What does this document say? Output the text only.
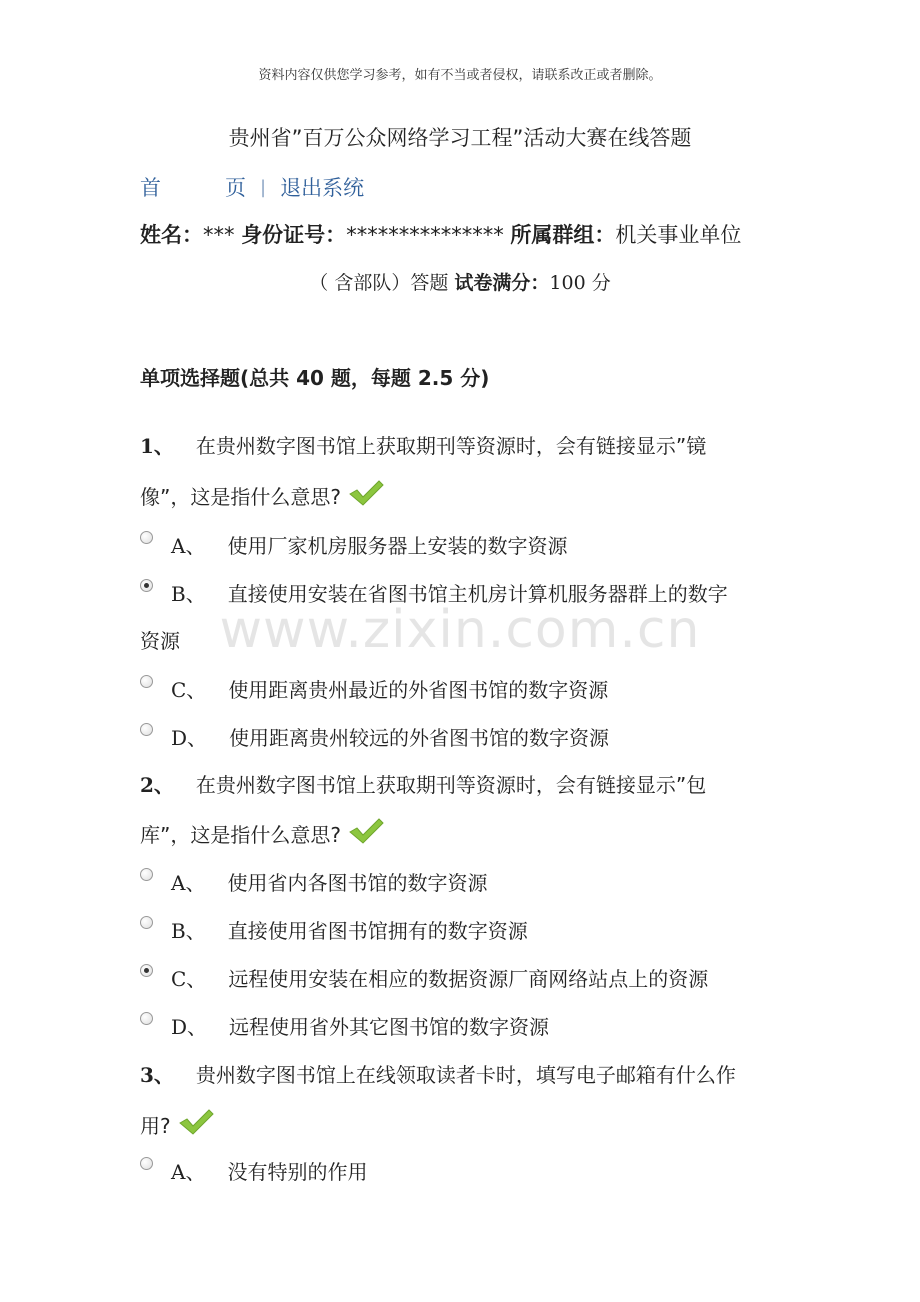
资料内容仅供您学习参考，如有不当或者侵权，请联系改正或者删除。
贵州省”百万公众网络学习工程”活动大赛在线答题
首	页 | 退出系统
姓名：*** 身份证号：*************** 所属群组：机关事业单位
（ 含部队）答题 试卷满分：100 分
单项选择题(总共 40 题，每题 2.5 分)
www.zixin.com.cn
1、 在贵州数字图书馆上获取期刊等资源时，会有链接显示”镜
像”，这是指什么意思?
A、 使用厂家机房服务器上安装的数字资源
B、 直接使用安装在省图书馆主机房计算机服务器群上的数字
资源
C、 使用距离贵州最近的外省图书馆的数字资源
D、 使用距离贵州较远的外省图书馆的数字资源
2、 在贵州数字图书馆上获取期刊等资源时，会有链接显示”包
库”，这是指什么意思?
A、 使用省内各图书馆的数字资源
B、 直接使用省图书馆拥有的数字资源
C、 远程使用安装在相应的数据资源厂商网络站点上的资源
D、 远程使用省外其它图书馆的数字资源
3、 贵州数字图书馆上在线领取读者卡时，填写电子邮箱有什么作
用?
A、 没有特别的作用
